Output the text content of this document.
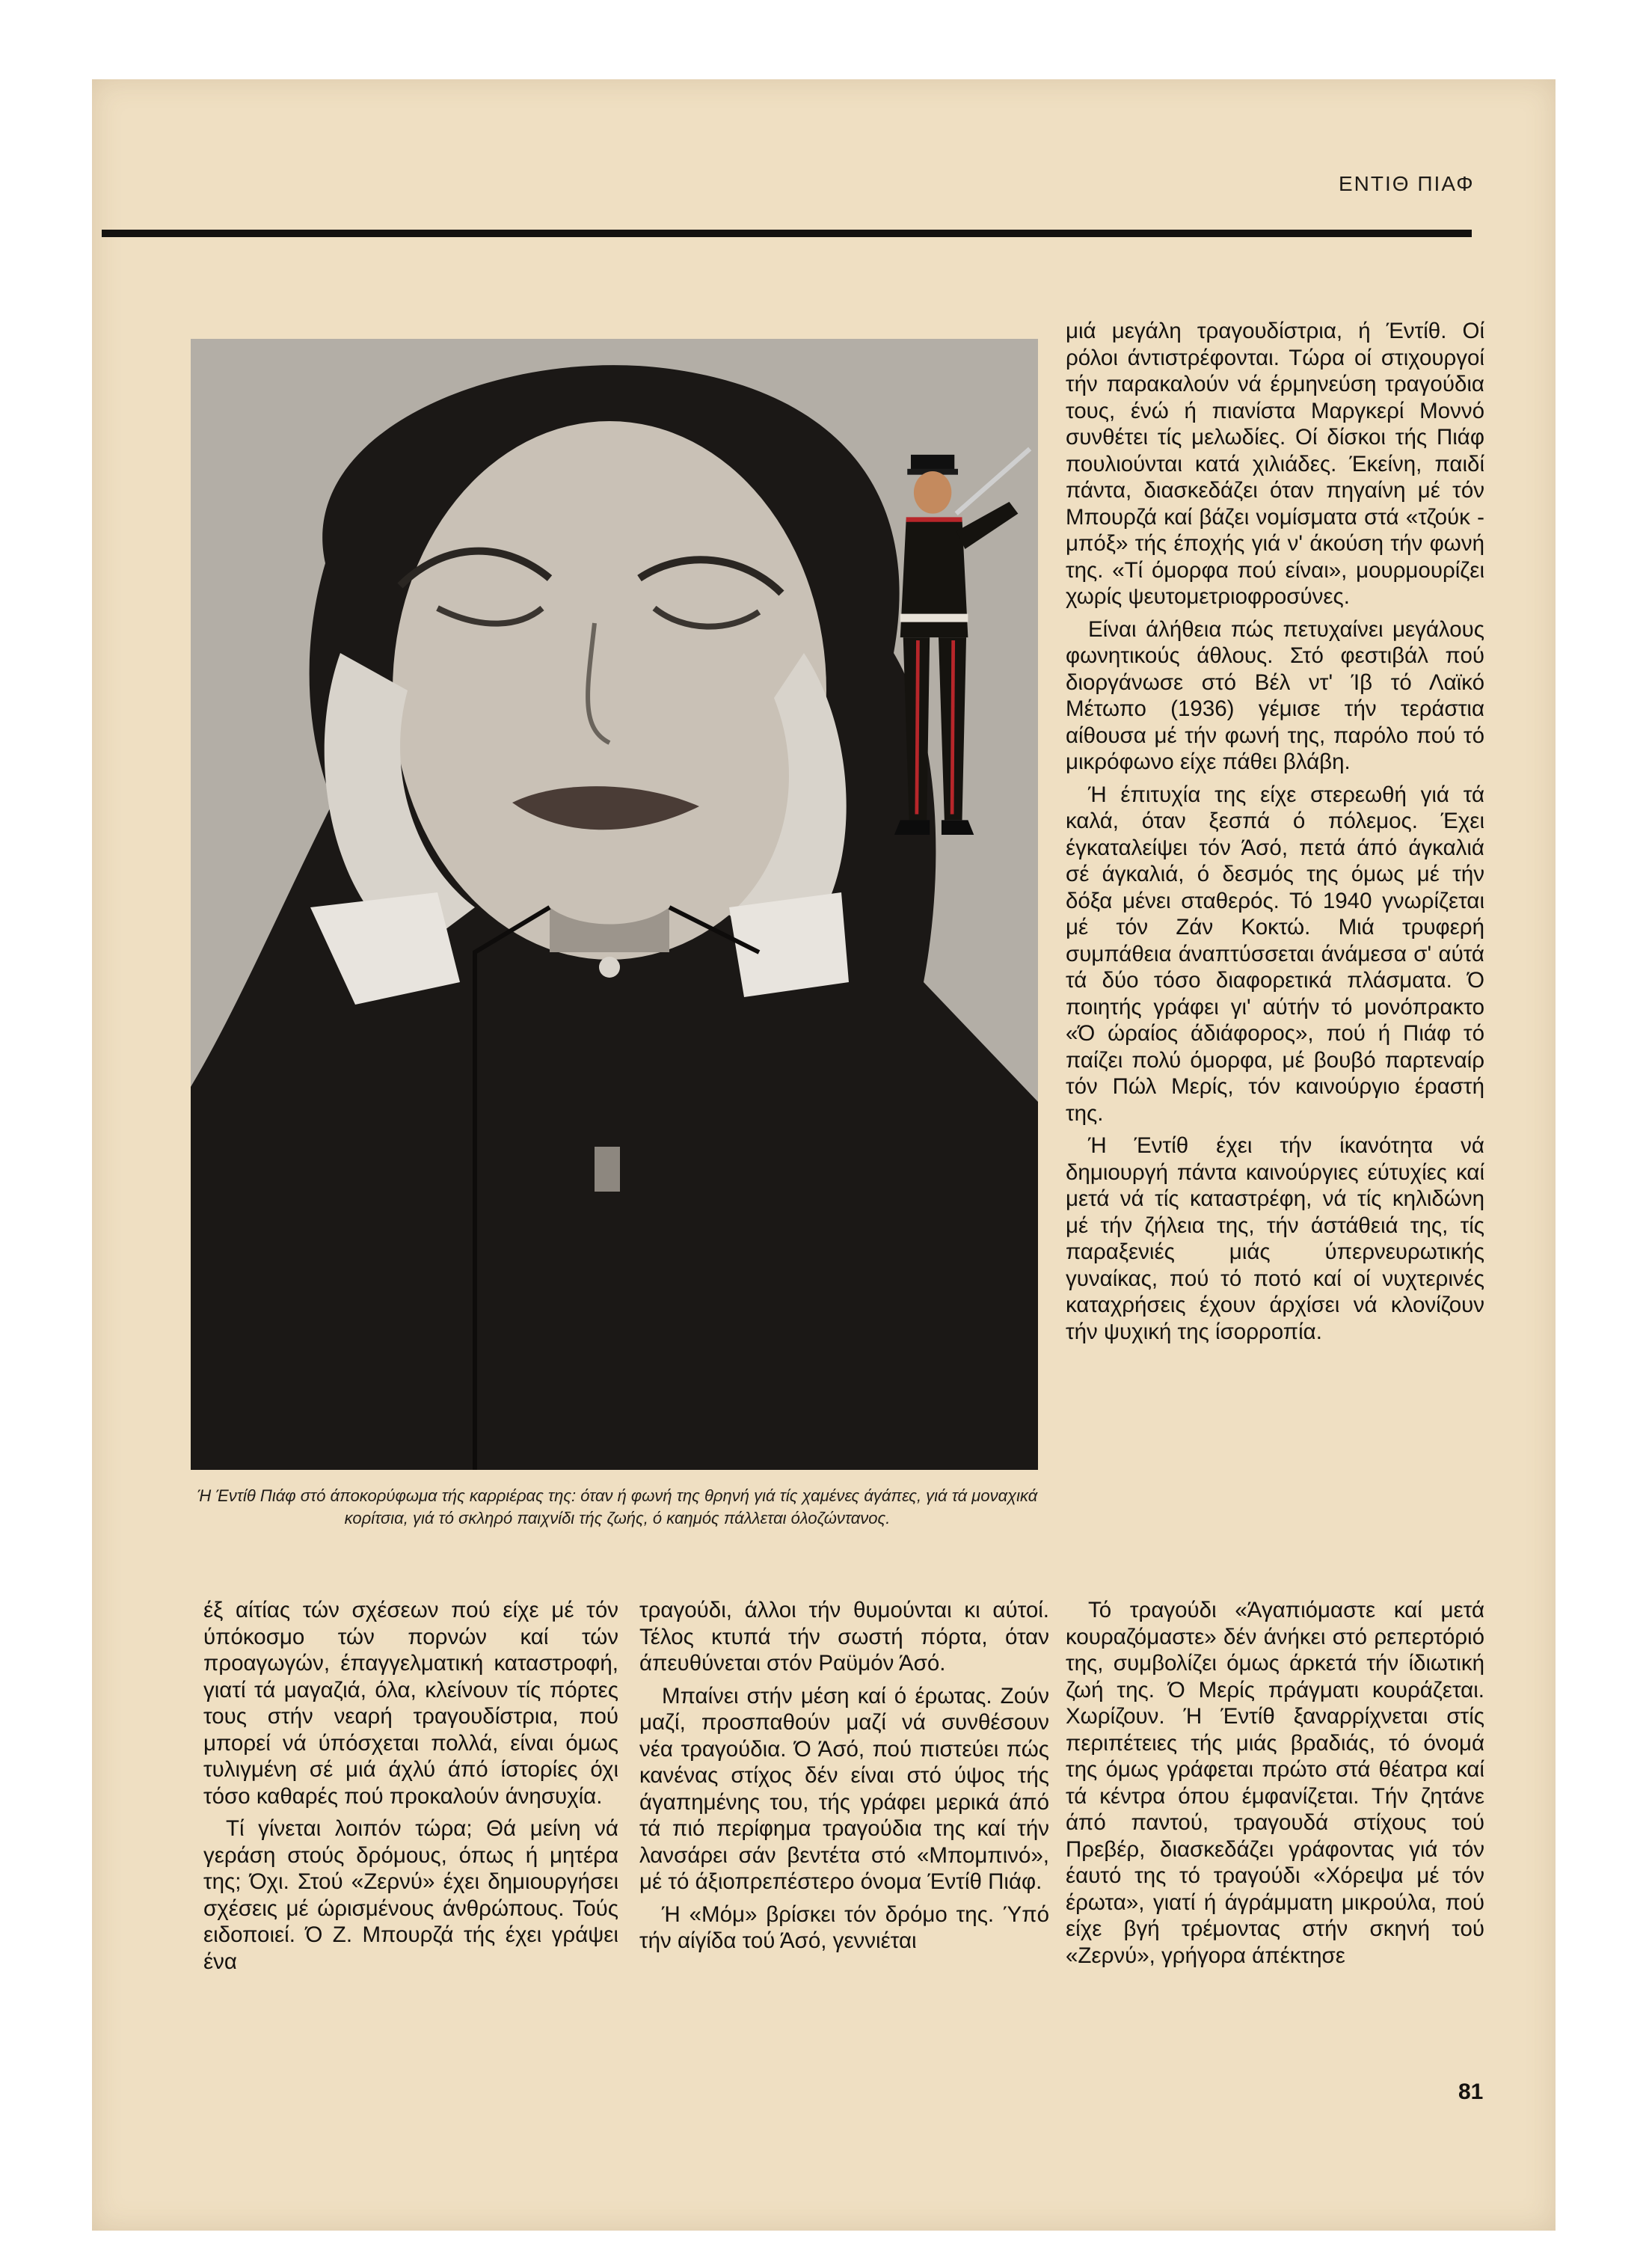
ΕΝΤΙΘ ΠΙΑΦ
Ή Έντίθ Πιάφ στό άποκορύφωμα τής καρριέρας της: όταν ή φωνή της θρηνή γιά τίς χαμένες άγάπες, γιά τά μοναχικά κορίτσια, γιά τό σκληρό παιχνίδι τής ζωής, ό καημός πάλλεται όλοζώντανος.

μιά μεγάλη τραγουδίστρια, ή Έντίθ. Οί ρόλοι άντιστρέφονται. Τώρα οί στιχουργοί τήν παρακαλούν νά έρμηνεύση τραγούδια τους, ένώ ή πιανίστα Μαργκερί Μοννό συνθέτει τίς μελωδίες. Οί δίσκοι τής Πιάφ πουλιούνται κατά χιλιάδες. Έκείνη, παιδί πάντα, διασκεδάζει όταν πηγαίνη μέ τόν Μπουρζά καί βάζει νομίσματα στά «τζούκ - μπόξ» τής έποχής γιά ν' άκούση τήν φωνή της. «Τί όμορφα πού είναι», μουρμουρίζει χωρίς ψευτομετριοφροσύνες.

Είναι άλήθεια πώς πετυχαίνει μεγάλους φωνητικούς άθλους. Στό φεστιβάλ πού διοργάνωσε στό Βέλ ντ' Ίβ τό Λαϊκό Μέτωπο (1936) γέμισε τήν τεράστια αίθουσα μέ τήν φωνή της, παρόλο πού τό μικρόφωνο είχε πάθει βλάβη.

Ή έπιτυχία της είχε στερεωθή γιά τά καλά, όταν ξεσπά ό πόλεμος. Έχει έγκαταλείψει τόν Άσό, πετά άπό άγκαλιά σέ άγκαλιά, ό δεσμός της όμως μέ τήν δόξα μένει σταθερός. Τό 1940 γνωρίζεται μέ τόν Ζάν Κοκτώ. Μιά τρυφερή συμπάθεια άναπτύσσεται άνάμεσα σ' αύτά τά δύο τόσο διαφορετικά πλάσματα. Ό ποιητής γράφει γι' αύτήν τό μονόπρακτο «Ό ώραίος άδιάφορος», πού ή Πιάφ τό παίζει πολύ όμορφα, μέ βουβό παρτεναίρ τόν Πώλ Μερίς, τόν καινούργιο έραστή της.

Ή Έντίθ έχει τήν ίκανότητα νά δημιουργή πάντα καινούργιες εύτυχίες καί μετά νά τίς καταστρέφη, νά τίς κηλιδώνη μέ τήν ζήλεια της, τήν άστάθειά της, τίς παραξενιές μιάς ύπερνευρωτικής γυναίκας, πού τό ποτό καί οί νυχτερινές καταχρήσεις έχουν άρχίσει νά κλονίζουν τήν ψυχική της ίσορροπία.

έξ αίτίας τών σχέσεων πού είχε μέ τόν ύπόκοσμο τών πορνών καί τών προαγωγών, έπαγγελματική καταστροφή, γιατί τά μαγαζιά, όλα, κλείνουν τίς πόρτες τους στήν νεαρή τραγουδίστρια, πού μπορεί νά ύπόσχεται πολλά, είναι όμως τυλιγμένη σέ μιά άχλύ άπό ίστορίες όχι τόσο καθαρές πού προκαλούν άνησυχία.

Τί γίνεται λοιπόν τώρα; Θά μείνη νά γεράση στούς δρόμους, όπως ή μητέρα της; Όχι. Στού «Ζερνύ» έχει δημιουργήσει σχέσεις μέ ώρισμένους άνθρώπους. Τούς ειδοποιεί. Ό Ζ. Μπουρζά τής έχει γράψει ένα

τραγούδι, άλλοι τήν θυμούνται κι αύτοί. Τέλος κτυπά τήν σωστή πόρτα, όταν άπευθύνεται στόν Ραϋμόν Άσό.

Μπαίνει στήν μέση καί ό έρωτας. Ζούν μαζί, προσπαθούν μαζί νά συνθέσουν νέα τραγούδια. Ό Άσό, πού πιστεύει πώς κανένας στίχος δέν είναι στό ύψος τής άγαπημένης του, τής γράφει μερικά άπό τά πιό περίφημα τραγούδια της καί τήν λανσάρει σάν βεντέτα στό «Μπομπινό», μέ τό άξιοπρεπέστερο όνομα Έντίθ Πιάφ.

Ή «Μόμ» βρίσκει τόν δρόμο της. Ύπό τήν αίγίδα τού Άσό, γεννιέται

Τό τραγούδι «Άγαπιόμαστε καί μετά κουραζόμαστε» δέν άνήκει στό ρεπερτόριό της, συμβολίζει όμως άρκετά τήν ίδιωτική ζωή της. Ό Μερίς πράγματι κουράζεται. Χωρίζουν. Ή Έντίθ ξαναρρίχνεται στίς περιπέτειες τής μιάς βραδιάς, τό όνομά της όμως γράφεται πρώτο στά θέατρα καί τά κέντρα όπου έμφανίζεται. Τήν ζητάνε άπό παντού, τραγουδά στίχους τού Πρεβέρ, διασκεδάζει γράφοντας γιά τόν έαυτό της τό τραγούδι «Χόρεψα μέ τόν έρωτα», γιατί ή άγράμματη μικρούλα, πού είχε βγή τρέμοντας στήν σκηνή τού «Ζερνύ», γρήγορα άπέκτησε

81
